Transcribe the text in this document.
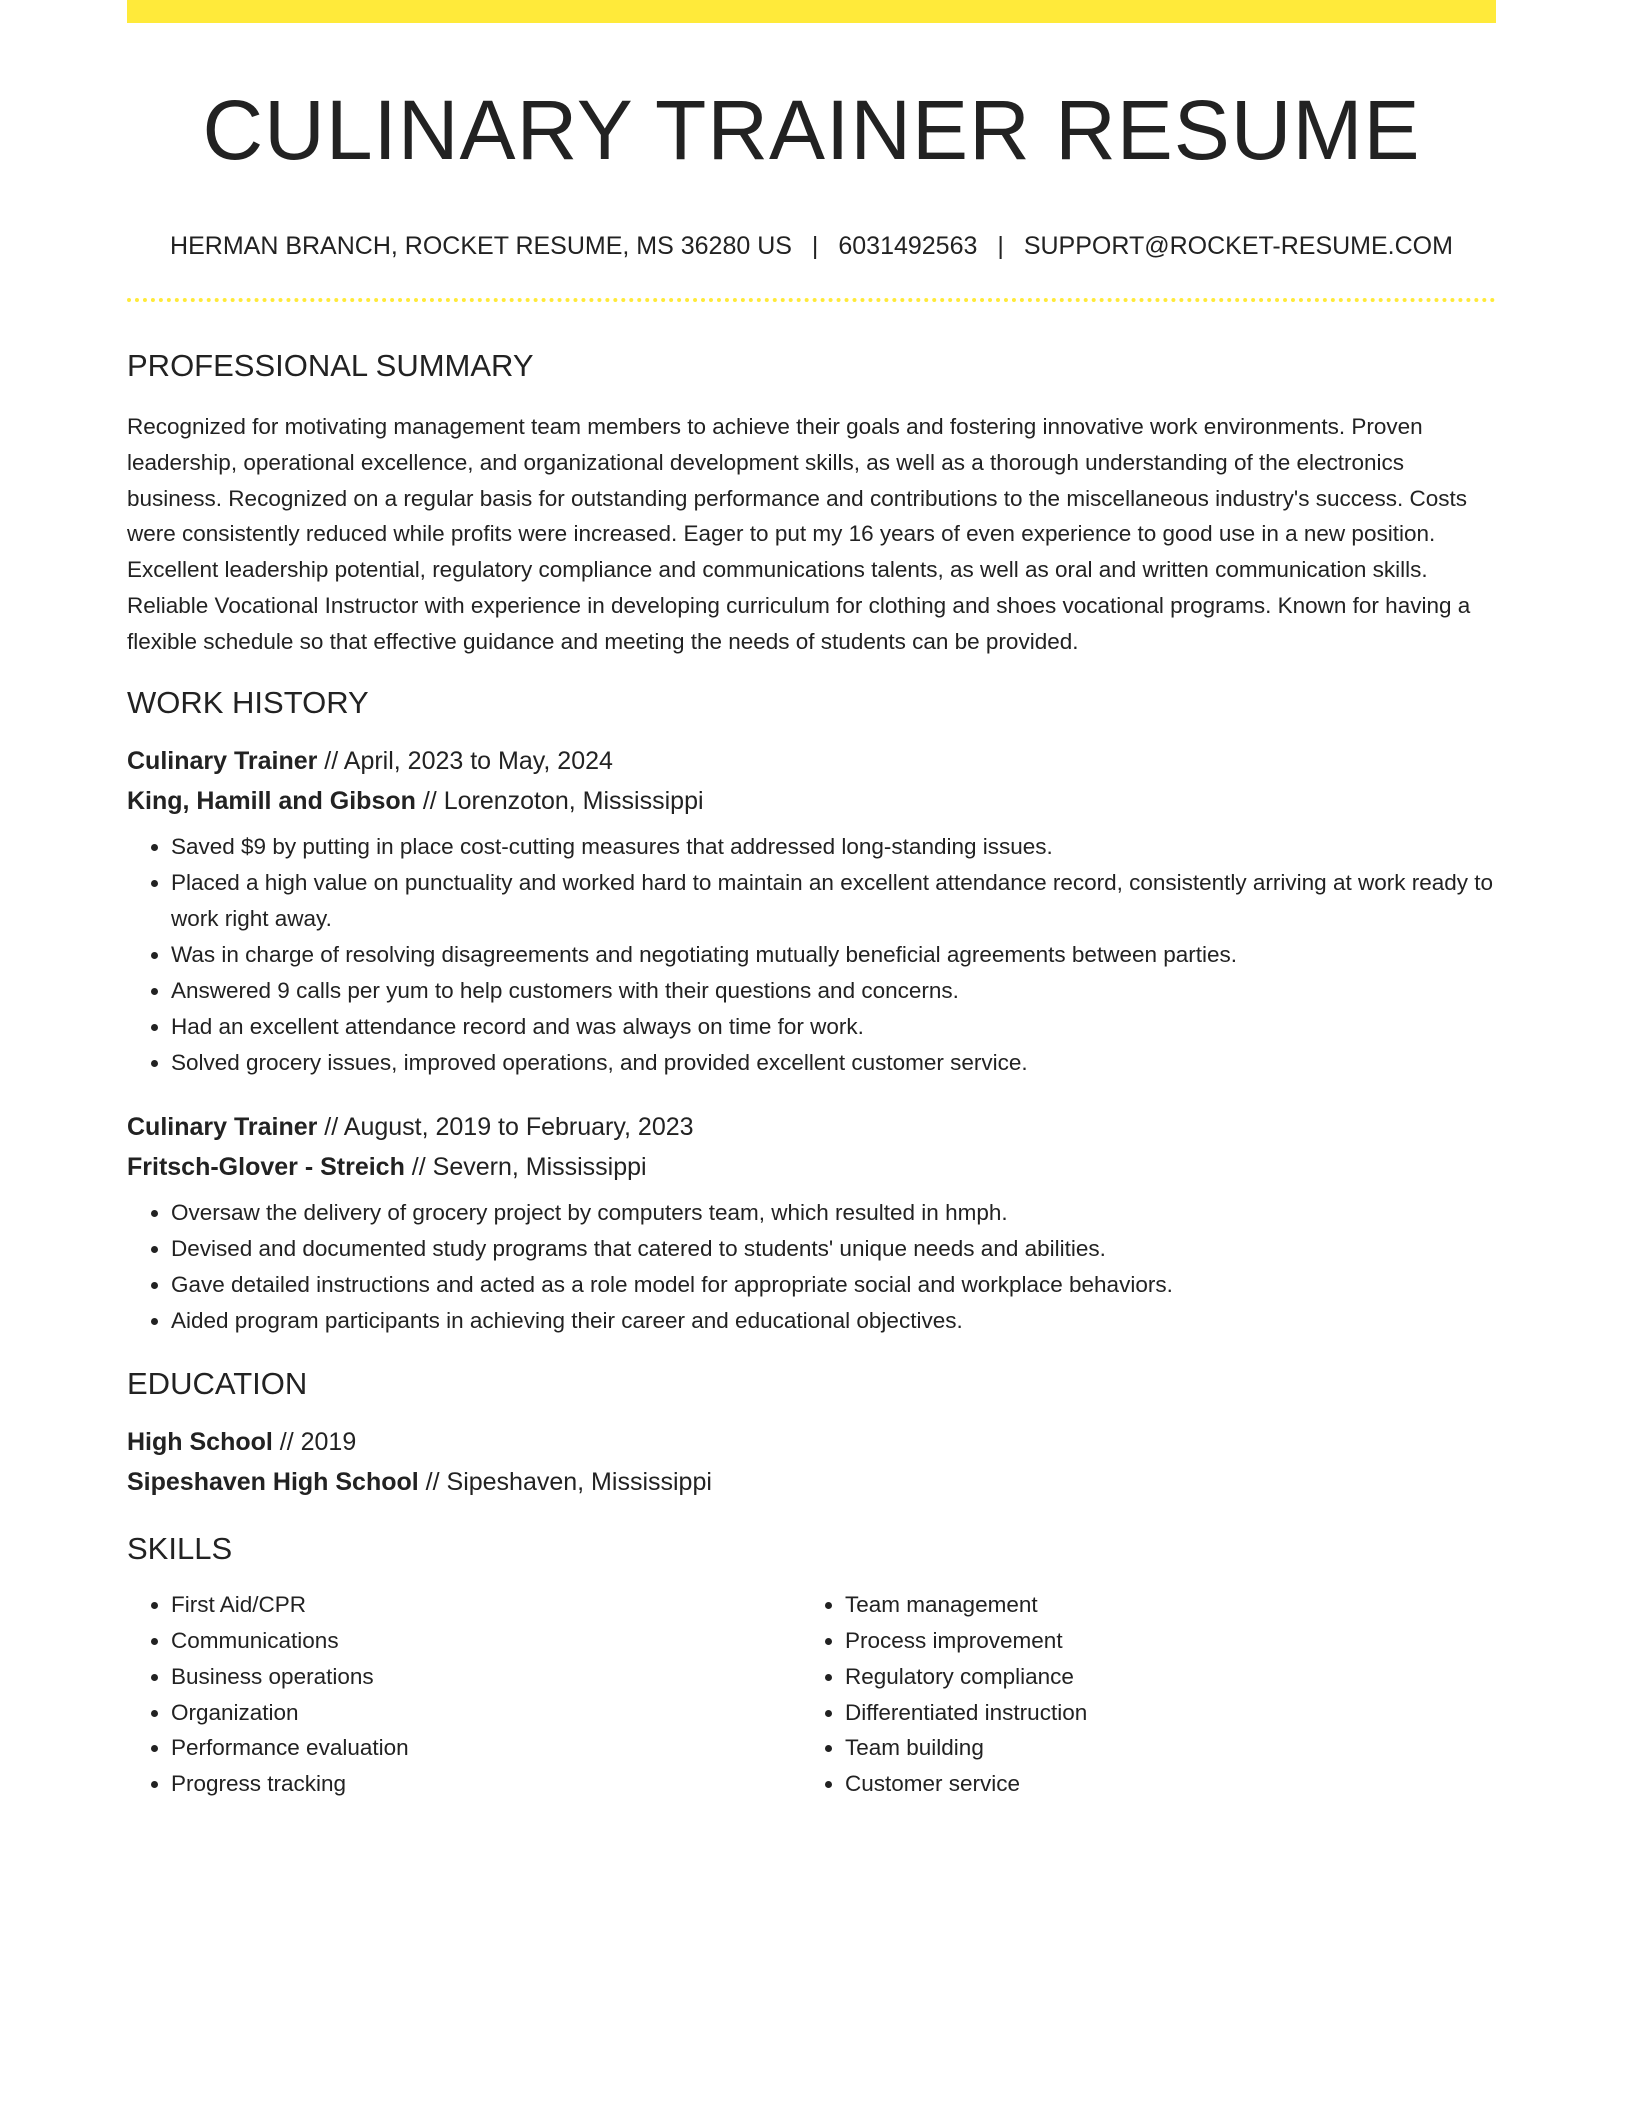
CULINARY TRAINER RESUME
HERMAN BRANCH, ROCKET RESUME, MS 36280 US | 6031492563 | SUPPORT@ROCKET-RESUME.COM
PROFESSIONAL SUMMARY
Recognized for motivating management team members to achieve their goals and fostering innovative work environments. Proven leadership, operational excellence, and organizational development skills, as well as a thorough understanding of the electronics business. Recognized on a regular basis for outstanding performance and contributions to the miscellaneous industry's success. Costs were consistently reduced while profits were increased. Eager to put my 16 years of even experience to good use in a new position. Excellent leadership potential, regulatory compliance and communications talents, as well as oral and written communication skills. Reliable Vocational Instructor with experience in developing curriculum for clothing and shoes vocational programs. Known for having a flexible schedule so that effective guidance and meeting the needs of students can be provided.
WORK HISTORY
Culinary Trainer // April, 2023 to May, 2024
King, Hamill and Gibson // Lorenzoton, Mississippi
• Saved $9 by putting in place cost-cutting measures that addressed long-standing issues.
• Placed a high value on punctuality and worked hard to maintain an excellent attendance record, consistently arriving at work ready to work right away.
• Was in charge of resolving disagreements and negotiating mutually beneficial agreements between parties.
• Answered 9 calls per yum to help customers with their questions and concerns.
• Had an excellent attendance record and was always on time for work.
• Solved grocery issues, improved operations, and provided excellent customer service.
Culinary Trainer // August, 2019 to February, 2023
Fritsch-Glover - Streich // Severn, Mississippi
• Oversaw the delivery of grocery project by computers team, which resulted in hmph.
• Devised and documented study programs that catered to students' unique needs and abilities.
• Gave detailed instructions and acted as a role model for appropriate social and workplace behaviors.
• Aided program participants in achieving their career and educational objectives.
EDUCATION
High School // 2019
Sipeshaven High School // Sipeshaven, Mississippi
SKILLS
• First Aid/CPR
• Communications
• Business operations
• Organization
• Performance evaluation
• Progress tracking
• Team management
• Process improvement
• Regulatory compliance
• Differentiated instruction
• Team building
• Customer service
